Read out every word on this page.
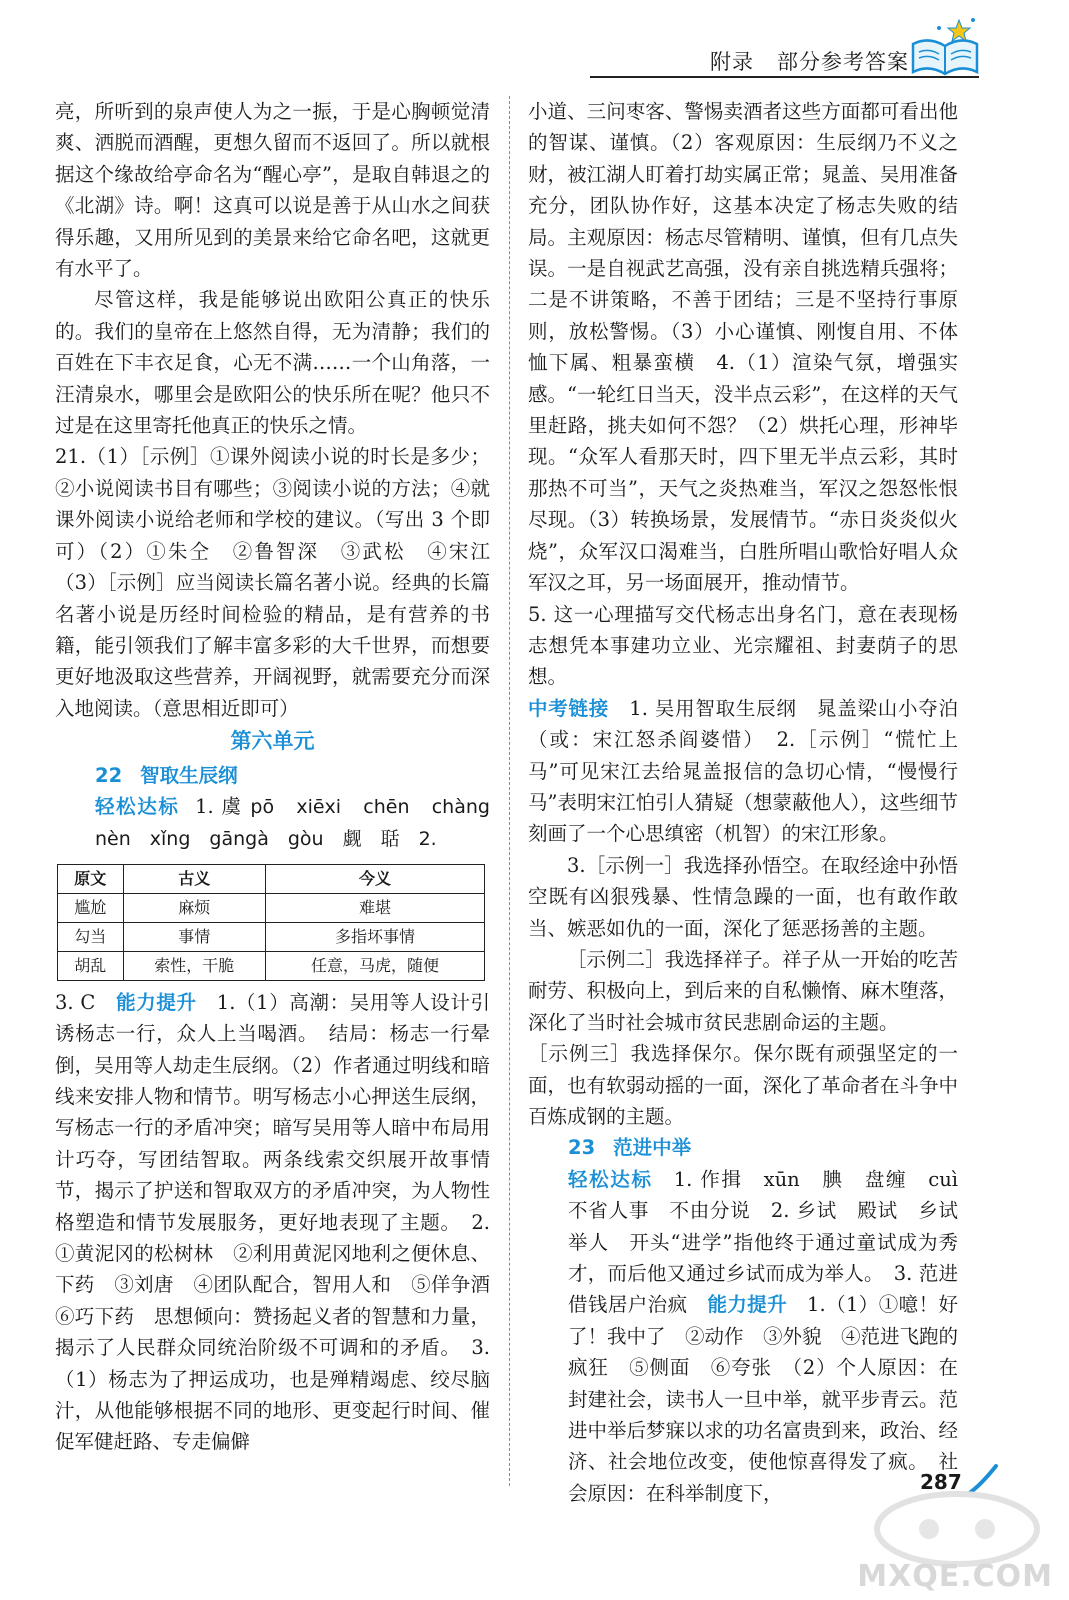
附录 部分参考答案

亮，所听到的泉声使人为之一振，于是心胸顿觉清爽、洒脱而酒醒，更想久留而不返回了。所以就根据这个缘故给亭命名为“醒心亭”，是取自韩退之的《北湖》诗。啊！这真可以说是善于从山水之间获得乐趣，又用所见到的美景来给它命名吧，这就更有水平了。

尽管这样，我是能够说出欧阳公真正的快乐的。我们的皇帝在上悠然自得，无为清静；我们的百姓在下丰衣足食，心无不满……一个山角落，一汪清泉水，哪里会是欧阳公的快乐所在呢？他只不过是在这里寄托他真正的快乐之情。

21.（1）［示例］①课外阅读小说的时长是多少；②小说阅读书目有哪些；③阅读小说的方法；④就课外阅读小说给老师和学校的建议。（写出 3 个即可）（2）①朱仝　②鲁智深　③武松　④宋江　（3）［示例］应当阅读长篇名著小说。经典的长篇名著小说是历经时间检验的精品，是有营养的书籍，能引领我们了解丰富多彩的大千世界，而想要更好地汲取这些营养，开阔视野，就需要充分而深入地阅读。（意思相近即可）

第六单元
22 智取生辰纲

轻松达标 1. 虞 pō　xiēxi　chēn　chàng　nèn　xǐng　gāngà　gòu　觑　聒　2.

原文	古义	今义
尴尬	麻烦	难堪
勾当	事情	多指坏事情
胡乱	索性，干脆	任意，马虎，随便

3. C　能力提升　1.（1）高潮：吴用等人设计引诱杨志一行，众人上当喝酒。　结局：杨志一行晕倒，吴用等人劫走生辰纲。（2）作者通过明线和暗线来安排人物和情节。明写杨志小心押送生辰纲，写杨志一行的矛盾冲突；暗写吴用等人暗中布局用计巧夺，写团结智取。两条线索交织展开故事情节，揭示了护送和智取双方的矛盾冲突，为人物性格塑造和情节发展服务，更好地表现了主题。　2. ①黄泥冈的松树林　②利用黄泥冈地利之便休息、下药　③刘唐　④团队配合，智用人和　⑤佯争酒　⑥巧下药　思想倾向：赞扬起义者的智慧和力量，揭示了人民群众同统治阶级不可调和的矛盾。　3.（1）杨志为了押运成功，也是殚精竭虑、绞尽脑汁，从他能够根据不同的地形、更变起行时间、催促军健赶路、专走偏僻

小道、三问枣客、警惕卖酒者这些方面都可看出他的智谋、谨慎。（2）客观原因：生辰纲乃不义之财，被江湖人盯着打劫实属正常；晁盖、吴用准备充分，团队协作好，这基本决定了杨志失败的结局。主观原因：杨志尽管精明、谨慎，但有几点失误。一是自视武艺高强，没有亲自挑选精兵强将；二是不讲策略，不善于团结；三是不坚持行事原则，放松警惕。（3）小心谨慎、刚愎自用、不体恤下属、粗暴蛮横　4.（1）渲染气氛，增强实感。“一轮红日当天，没半点云彩”，在这样的天气里赶路，挑夫如何不怨？（2）烘托心理，形神毕现。“众军人看那天时，四下里无半点云彩，其时那热不可当”，天气之炎热难当，军汉之怨怒怅恨尽现。（3）转换场景，发展情节。“赤日炎炎似火烧”，众军汉口渴难当，白胜所唱山歌恰好唱人众军汉之耳，另一场面展开，推动情节。

5. 这一心理描写交代杨志出身名门，意在表现杨志想凭本事建功立业、光宗耀祖、封妻荫子的思想。

中考链接　1. 吴用智取生辰纲　晁盖梁山小夺泊（或：宋江怒杀阎婆惜）　2.［示例］“慌忙上马”可见宋江去给晁盖报信的急切心情，“慢慢行马”表明宋江怕引人猜疑（想蒙蔽他人），这些细节刻画了一个心思缜密（机智）的宋江形象。

3.［示例一］我选择孙悟空。在取经途中孙悟空既有凶狠残暴、性情急躁的一面，也有敢作敢当、嫉恶如仇的一面，深化了惩恶扬善的主题。

［示例二］我选择祥子。祥子从一开始的吃苦耐劳、积极向上，到后来的自私懒惰、麻木堕落，深化了当时社会城市贫民悲剧命运的主题。

［示例三］我选择保尔。保尔既有顽强坚定的一面，也有软弱动摇的一面，深化了革命者在斗争中百炼成钢的主题。

23 范进中举

轻松达标　1. 作揖　xūn　腆　盘缠　cuì　不省人事　不由分说　2. 乡试　殿试　乡试　举人　开头“进学”指他终于通过童试成为秀才，而后他又通过乡试而成为举人。　3. 范进借钱居户治疯　能力提升　1.（1）①噫！好了！我中了　②动作　③外貌　④范进飞跑的疯狂　⑤侧面　⑥夸张　（2）个人原因：在封建社会，读书人一旦中举，就平步青云。范进中举后梦寐以求的功名富贵到来，政治、经济、社会地位改变，使他惊喜得发了疯。　社会原因：在科举制度下，	287
MXQE.COM
